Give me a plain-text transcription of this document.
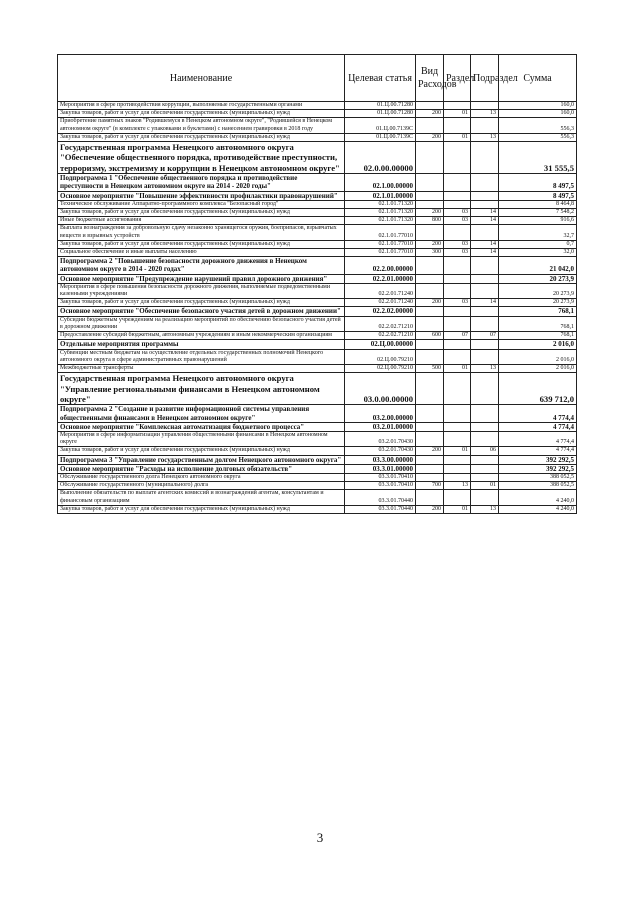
Наименование	Целевая статья	Вид Расходов	Раздел	Подраздел	Сумма
Мероприятия в сфере противодействия коррупции, выполняемые государственными органами	01.Ц.00.71280				160,0
Закупка товаров, работ и услуг для обеспечения государственных (муниципальных) нужд	01.Ц.00.71280	200	01	13	160,0
Приобретение памятных знаков "Родившемуся в Ненецком автономном округе", "Родившейся в Ненецком автономном округе" (в комплекте с упаковками и буклетами) с нанесением гравировки в 2018 году	01.Ц.00.7139С				556,3
Закупка товаров, работ и услуг для обеспечения государственных (муниципальных) нужд	01.Ц.00.7139С	200	01	13	556,3
Государственная программа Ненецкого автономного округа "Обеспечение общественного порядка, противодействие преступности, терроризму, экстремизму и коррупции в Ненецком автономном округе"	02.0.00.00000				31 555,5
Подпрограмма 1 "Обеспечение общественного порядка и противодействие преступности в Ненецком автономном округе на 2014 - 2020 годы"	02.1.00.00000				8 497,5
Основное мероприятие "Повышение эффективности профилактики правонарушений"	02.1.01.00000				8 497,5
Техническое обслуживание Аппаратно-программного комплекса "Безопасный город"	02.1.01.71320				8 464,8
Закупка товаров, работ и услуг для обеспечения государственных (муниципальных) нужд	02.1.01.71320	200	03	14	7 548,2
Иные бюджетные ассигнования	02.1.01.71320	800	03	14	916,6
Выплата вознаграждения за добровольную сдачу незаконно хранящегося оружия, боеприпасов, взрывчатых веществ и взрывных устройств	02.1.01.77010				32,7
Закупка товаров, работ и услуг для обеспечения государственных (муниципальных) нужд	02.1.01.77010	200	03	14	0,7
Социальное обеспечение и иные выплаты населению	02.1.01.77010	300	03	14	32,0
Подпрограмма 2 "Повышение безопасности дорожного движения в Ненецком автономном округе в 2014 - 2020 годах"	02.2.00.00000				21 042,0
Основное мероприятие "Предупреждение нарушений правил дорожного движения"	02.2.01.00000				20 273,9
Мероприятия в сфере повышения безопасности дорожного движения, выполняемые подведомственными казенными учреждениями	02.2.01.71240				20 273,9
Закупка товаров, работ и услуг для обеспечения государственных (муниципальных) нужд	02.2.01.71240	200	03	14	20 273,9
Основное мероприятие "Обеспечение безопасного участия детей в дорожном движении"	02.2.02.00000				768,1
Субсидии бюджетным учреждениям на реализацию мероприятий по обеспечению безопасного участия детей в дорожном движении	02.2.02.71210				768,1
Предоставление субсидий бюджетным, автономным учреждениям и иным некоммерческим организациям	02.2.02.71210	600	07	07	768,1
Отдельные мероприятия программы	02.Ц.00.00000				2 016,0
Субвенции местным бюджетам на осуществление отдельных государственных полномочий Ненецкого автономного округа в сфере административных правонарушений	02.Ц.00.79210				2 016,0
Межбюджетные трансферты	02.Ц.00.79210	500	01	13	2 016,0
Государственная программа Ненецкого автономного округа "Управление региональными финансами в Ненецком автономном округе"	03.0.00.00000				639 712,0
Подпрограмма 2 "Создание и развитие информационной системы управления общественными финансами в Ненецком автономном округе"	03.2.00.00000				4 774,4
Основное мероприятие "Комплексная автоматизация бюджетного процесса"	03.2.01.00000				4 774,4
Мероприятия в сфере информатизации управления общественными финансами в Ненецком автономном округе	03.2.01.70430				4 774,4
Закупка товаров, работ и услуг для обеспечения государственных (муниципальных) нужд	03.2.01.70430	200	01	06	4 774,4
Подпрограмма 3 "Управление государственным долгом Ненецкого автономного округа"	03.3.00.00000				392 292,5
Основное мероприятие "Расходы на исполнение долговых обязательств"	03.3.01.00000				392 292,5
Обслуживание государственного долга Ненецкого автономного округа	03.3.01.70410				388 052,5
Обслуживание государственного (муниципального) долга	03.3.01.70410	700	13	01	388 052,5
Выполнение обязательств по выплате агентских комиссий и вознаграждений агентам, консультантам и финансовым организациям	03.3.01.70440				4 240,0
Закупка товаров, работ и услуг для обеспечения государственных (муниципальных) нужд	03.3.01.70440	200	01	13	4 240,0
3
